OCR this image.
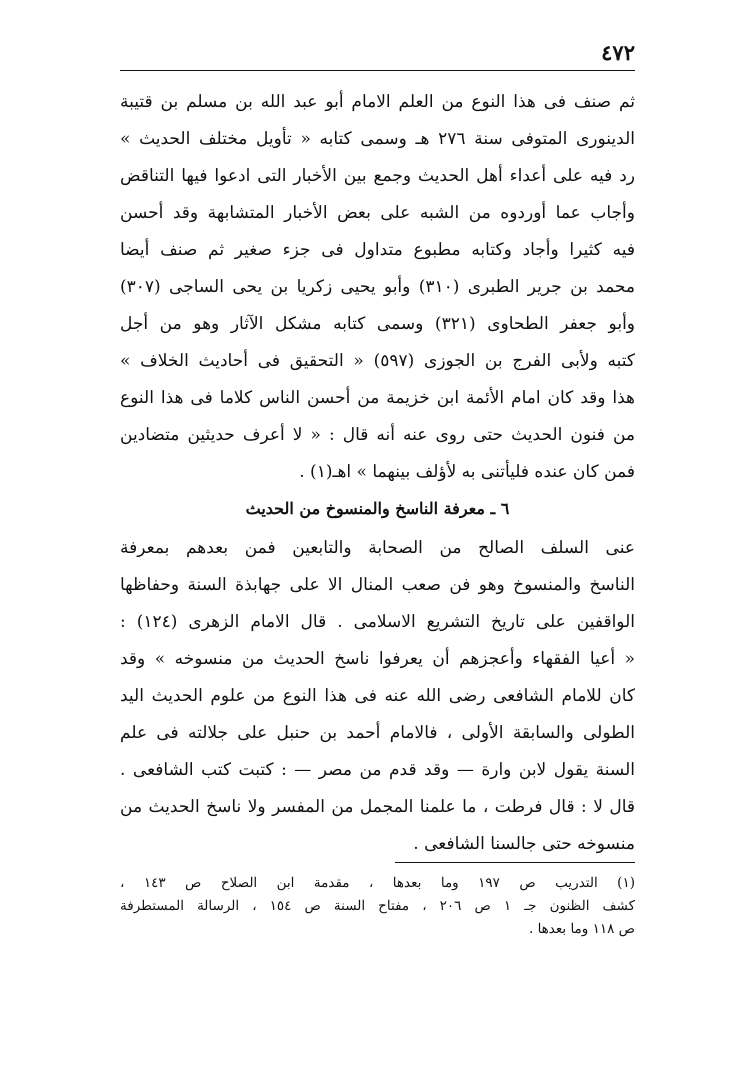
٤٧٢
ثم صنف فى هذا النوع من العلم الامام أبو عبد الله بن مسلم بن قتيبة
الدينورى المتوفى سنة ٢٧٦ هـ وسمى كتابه « تأويل مختلف الحديث »
رد فيه على أعداء أهل الحديث وجمع بين الأخبار التى ادعوا فيها التناقض
وأجاب عما أوردوه من الشبه على بعض الأخبار المتشابهة وقد أحسن
فيه كثيرا وأجاد وكتابه مطبوع متداول فى جزء صغير ثم صنف أيضا
محمد بن جرير الطبرى (٣١٠) وأبو يحيى زكريا بن يحى الساجى (٣٠٧)
وأبو جعفر الطحاوى (٣٢١) وسمى كتابه مشكل الآثار وهو من أجل
كتبه ولأبى الفرج بن الجوزى (٥٩٧) « التحقيق فى أحاديث الخلاف »
هذا وقد كان امام الأئمة ابن خزيمة من أحسن الناس كلاما فى هذا النوع
من فنون الحديث حتى روى عنه أنه قال : « لا أعرف حديثين متضادين
فمن كان عنده فليأتنى به لأؤلف بينهما » اهـ(١) .
٦ ـ معرفة الناسخ والمنسوخ من الحديث
عنى السلف الصالح من الصحابة والتابعين فمن بعدهم بمعرفة
الناسخ والمنسوخ وهو فن صعب المنال الا على جهابذة السنة وحفاظها
الواقفين على تاريخ التشريع الاسلامى . قال الامام الزهرى (١٢٤) :
« أعيا الفقهاء وأعجزهم أن يعرفوا ناسخ الحديث من منسوخه » وقد
كان للامام الشافعى رضى الله عنه فى هذا النوع من علوم الحديث اليد
الطولى والسابقة الأولى ، فالامام أحمد بن حنبل على جلالته فى علم
السنة يقول لابن وارة — وقد قدم من مصر — : كتبت كتب الشافعى .
قال لا : قال فرطت ، ما علمنا المجمل من المفسر ولا ناسخ الحديث من
منسوخه حتى جالسنا الشافعى .
(١) التدريب ص ١٩٧ وما بعدها ، مقدمة ابن الصلاح ص ١٤٣ ،
كشف الظنون جـ ١ ص ٢٠٦ ، مفتاح السنة ص ١٥٤ ، الرسالة المستطرفة
ص ١١٨ وما بعدها .
